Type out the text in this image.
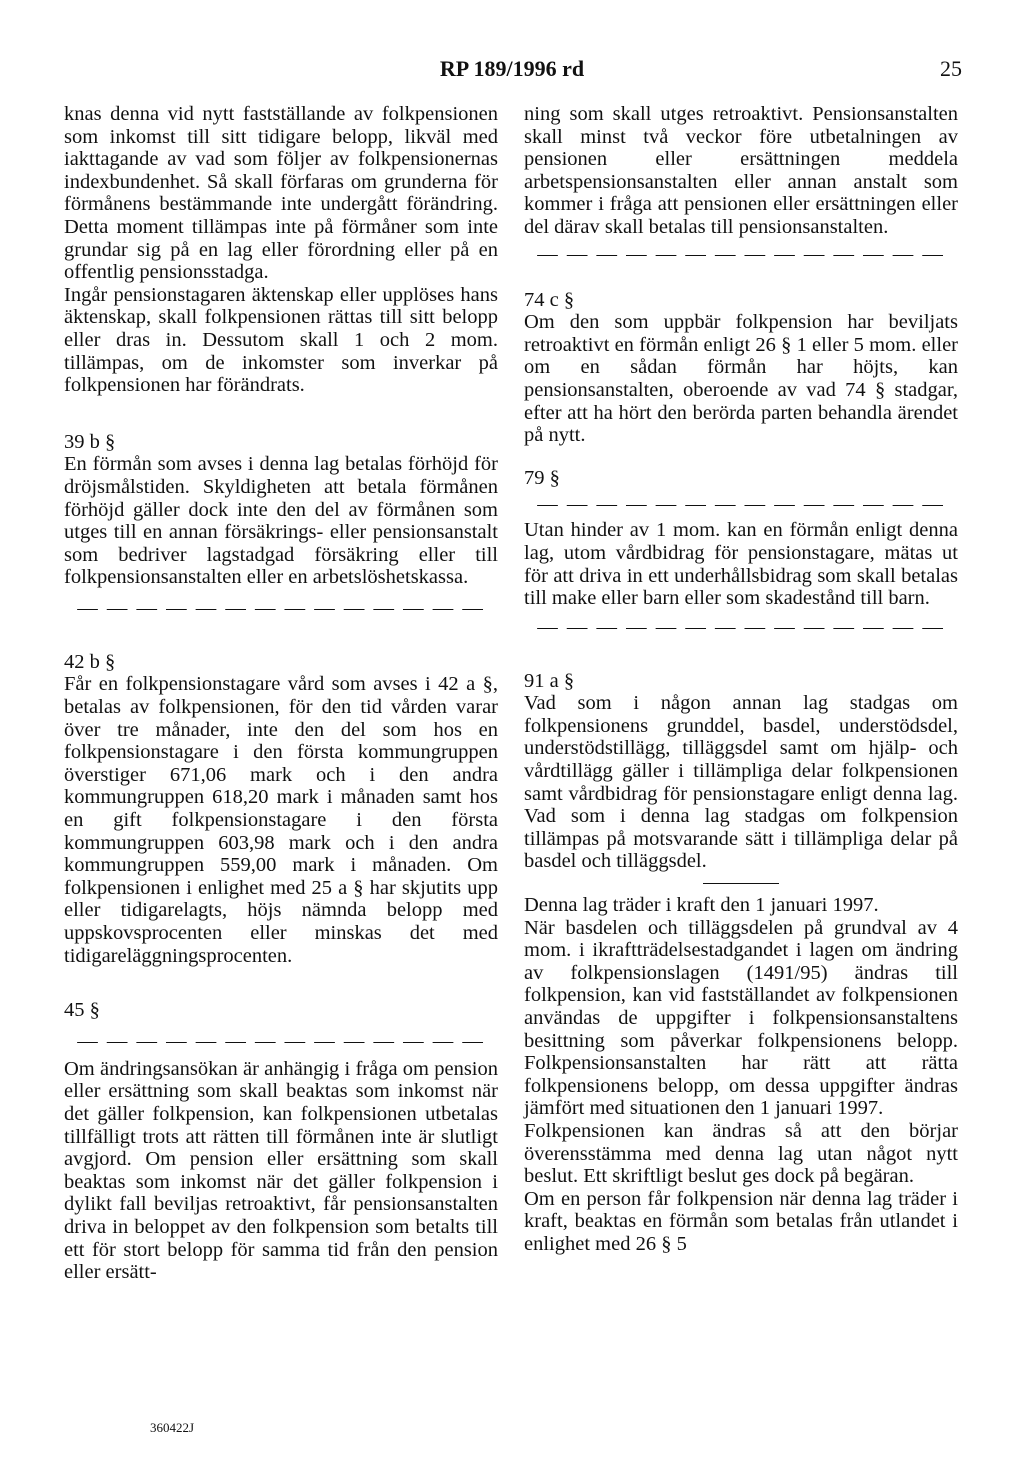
RP 189/1996 rd	25

knas denna vid nytt fastställande av folkpensionen som inkomst till sitt tidigare belopp, likväl med iakttagande av vad som följer av folkpensionernas indexbundenhet. Så skall förfaras om grunderna för förmånens bestämmande inte undergått förändring. Detta moment tillämpas inte på förmåner som inte grundar sig på en lag eller förordning eller på en offentlig pensionsstadga.

Ingår pensionstagaren äktenskap eller upplöses hans äktenskap, skall folkpensionen rättas till sitt belopp eller dras in. Dessutom skall 1 och 2 mom. tillämpas, om de inkomster som inverkar på folkpensionen har förändrats.

39 b §

En förmån som avses i denna lag betalas förhöjd för dröjsmålstiden. Skyldigheten att betala förmånen förhöjd gäller dock inte den del av förmånen som utges till en annan försäkrings- eller pensionsanstalt som bedriver lagstadgad försäkring eller till folkpensionsanstalten eller en arbetslöshetskassa.

— — —

42 b §

Får en folkpensionstagare vård som avses i 42 a §, betalas av folkpensionen, för den tid vården varar över tre månader, inte den del som hos en folkpensionstagare i den första kommungruppen överstiger 671,06 mark och i den andra kommungruppen 618,20 mark i månaden samt hos en gift folkpensionstagare i den första kommungruppen 603,98 mark och i den andra kommungruppen 559,00 mark i månaden. Om folkpensionen i enlighet med 25 a § har skjutits upp eller tidigarelagts, höjs nämnda belopp med uppskovsprocenten eller minskas det med tidigareläggningsprocenten.

45 §

— — —

Om ändringsansökan är anhängig i fråga om pension eller ersättning som skall beaktas som inkomst när det gäller folkpension, kan folkpensionen utbetalas tillfälligt trots att rätten till förmånen inte är slutligt avgjord. Om pension eller ersättning som skall beaktas som inkomst när det gäller folkpension i dylikt fall beviljas retroaktivt, får pensionsanstalten driva in beloppet av den folkpension som betalts till ett för stort belopp för samma tid från den pension eller ersätt-

ning som skall utges retroaktivt. Pensionsanstalten skall minst två veckor före utbetalningen av pensionen eller ersättningen meddela arbetspensionsanstalten eller annan anstalt som kommer i fråga att pensionen eller ersättningen eller del därav skall betalas till pensionsanstalten.

— — —

74 c §

Om den som uppbär folkpension har beviljats retroaktivt en förmån enligt 26 § 1 eller 5 mom. eller om en sådan förmån har höjts, kan pensionsanstalten, oberoende av vad 74 § stadgar, efter att ha hört den berörda parten behandla ärendet på nytt.

79 §

— — —

Utan hinder av 1 mom. kan en förmån enligt denna lag, utom vårdbidrag för pensionstagare, mätas ut för att driva in ett underhållsbidrag som skall betalas till make eller barn eller som skadestånd till barn.

— — —

91 a §

Vad som i någon annan lag stadgas om folkpensionens grunddel, basdel, understödsdel, understödstillägg, tilläggsdel samt om hjälp- och vårdtillägg gäller i tillämpliga delar folkpensionen samt vårdbidrag för pensionstagare enligt denna lag. Vad som i denna lag stadgas om folkpension tillämpas på motsvarande sätt i tillämpliga delar på basdel och tilläggsdel.

Denna lag träder i kraft den 1 januari 1997.

När basdelen och tilläggsdelen på grundval av 4 mom. i ikraftträdelsestadgandet i lagen om ändring av folkpensionslagen (1491/95) ändras till folkpension, kan vid fastställandet av folkpensionen användas de uppgifter i folkpensionsanstaltens besittning som påverkar folkpensionens belopp. Folkpensionsanstalten har rätt att rätta folkpensionens belopp, om dessa uppgifter ändras jämfört med situationen den 1 januari 1997.

Folkpensionen kan ändras så att den börjar överensstämma med denna lag utan något nytt beslut. Ett skriftligt beslut ges dock på begäran.

Om en person får folkpension när denna lag träder i kraft, beaktas en förmån som betalas från utlandet i enlighet med 26 § 5

360422J
